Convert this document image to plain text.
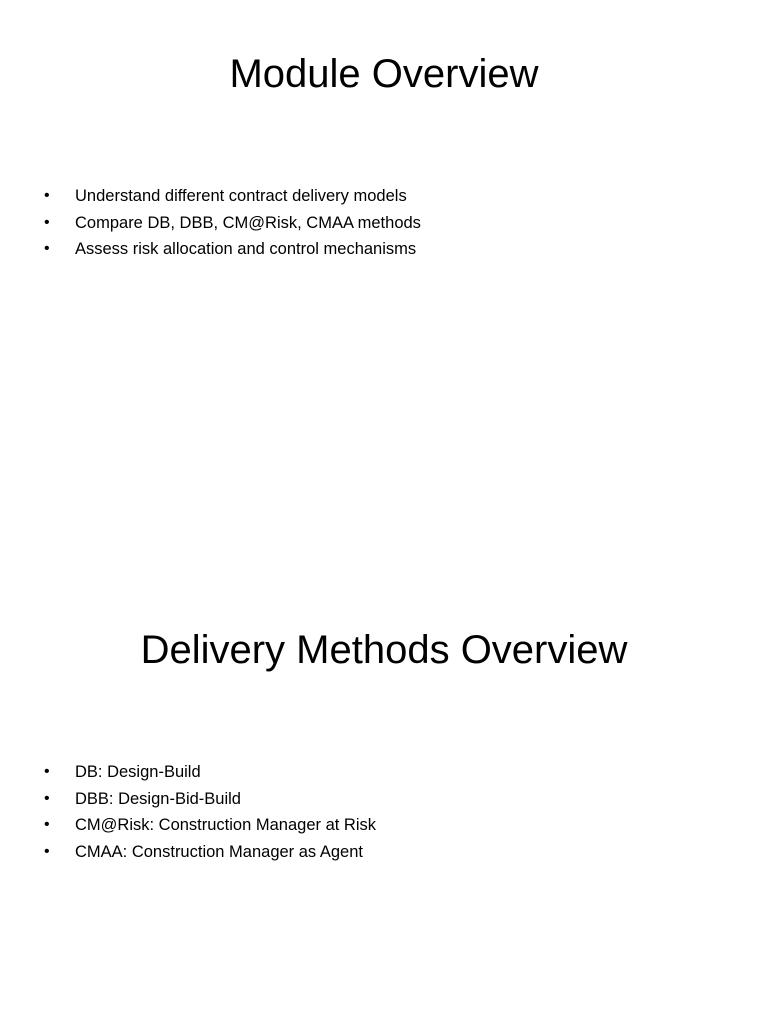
Module Overview
• Understand different contract delivery models
• Compare DB, DBB, CM@Risk, CMAA methods
• Assess risk allocation and control mechanisms
Delivery Methods Overview
• DB: Design-Build
• DBB: Design-Bid-Build
• CM@Risk: Construction Manager at Risk
• CMAA: Construction Manager as Agent
